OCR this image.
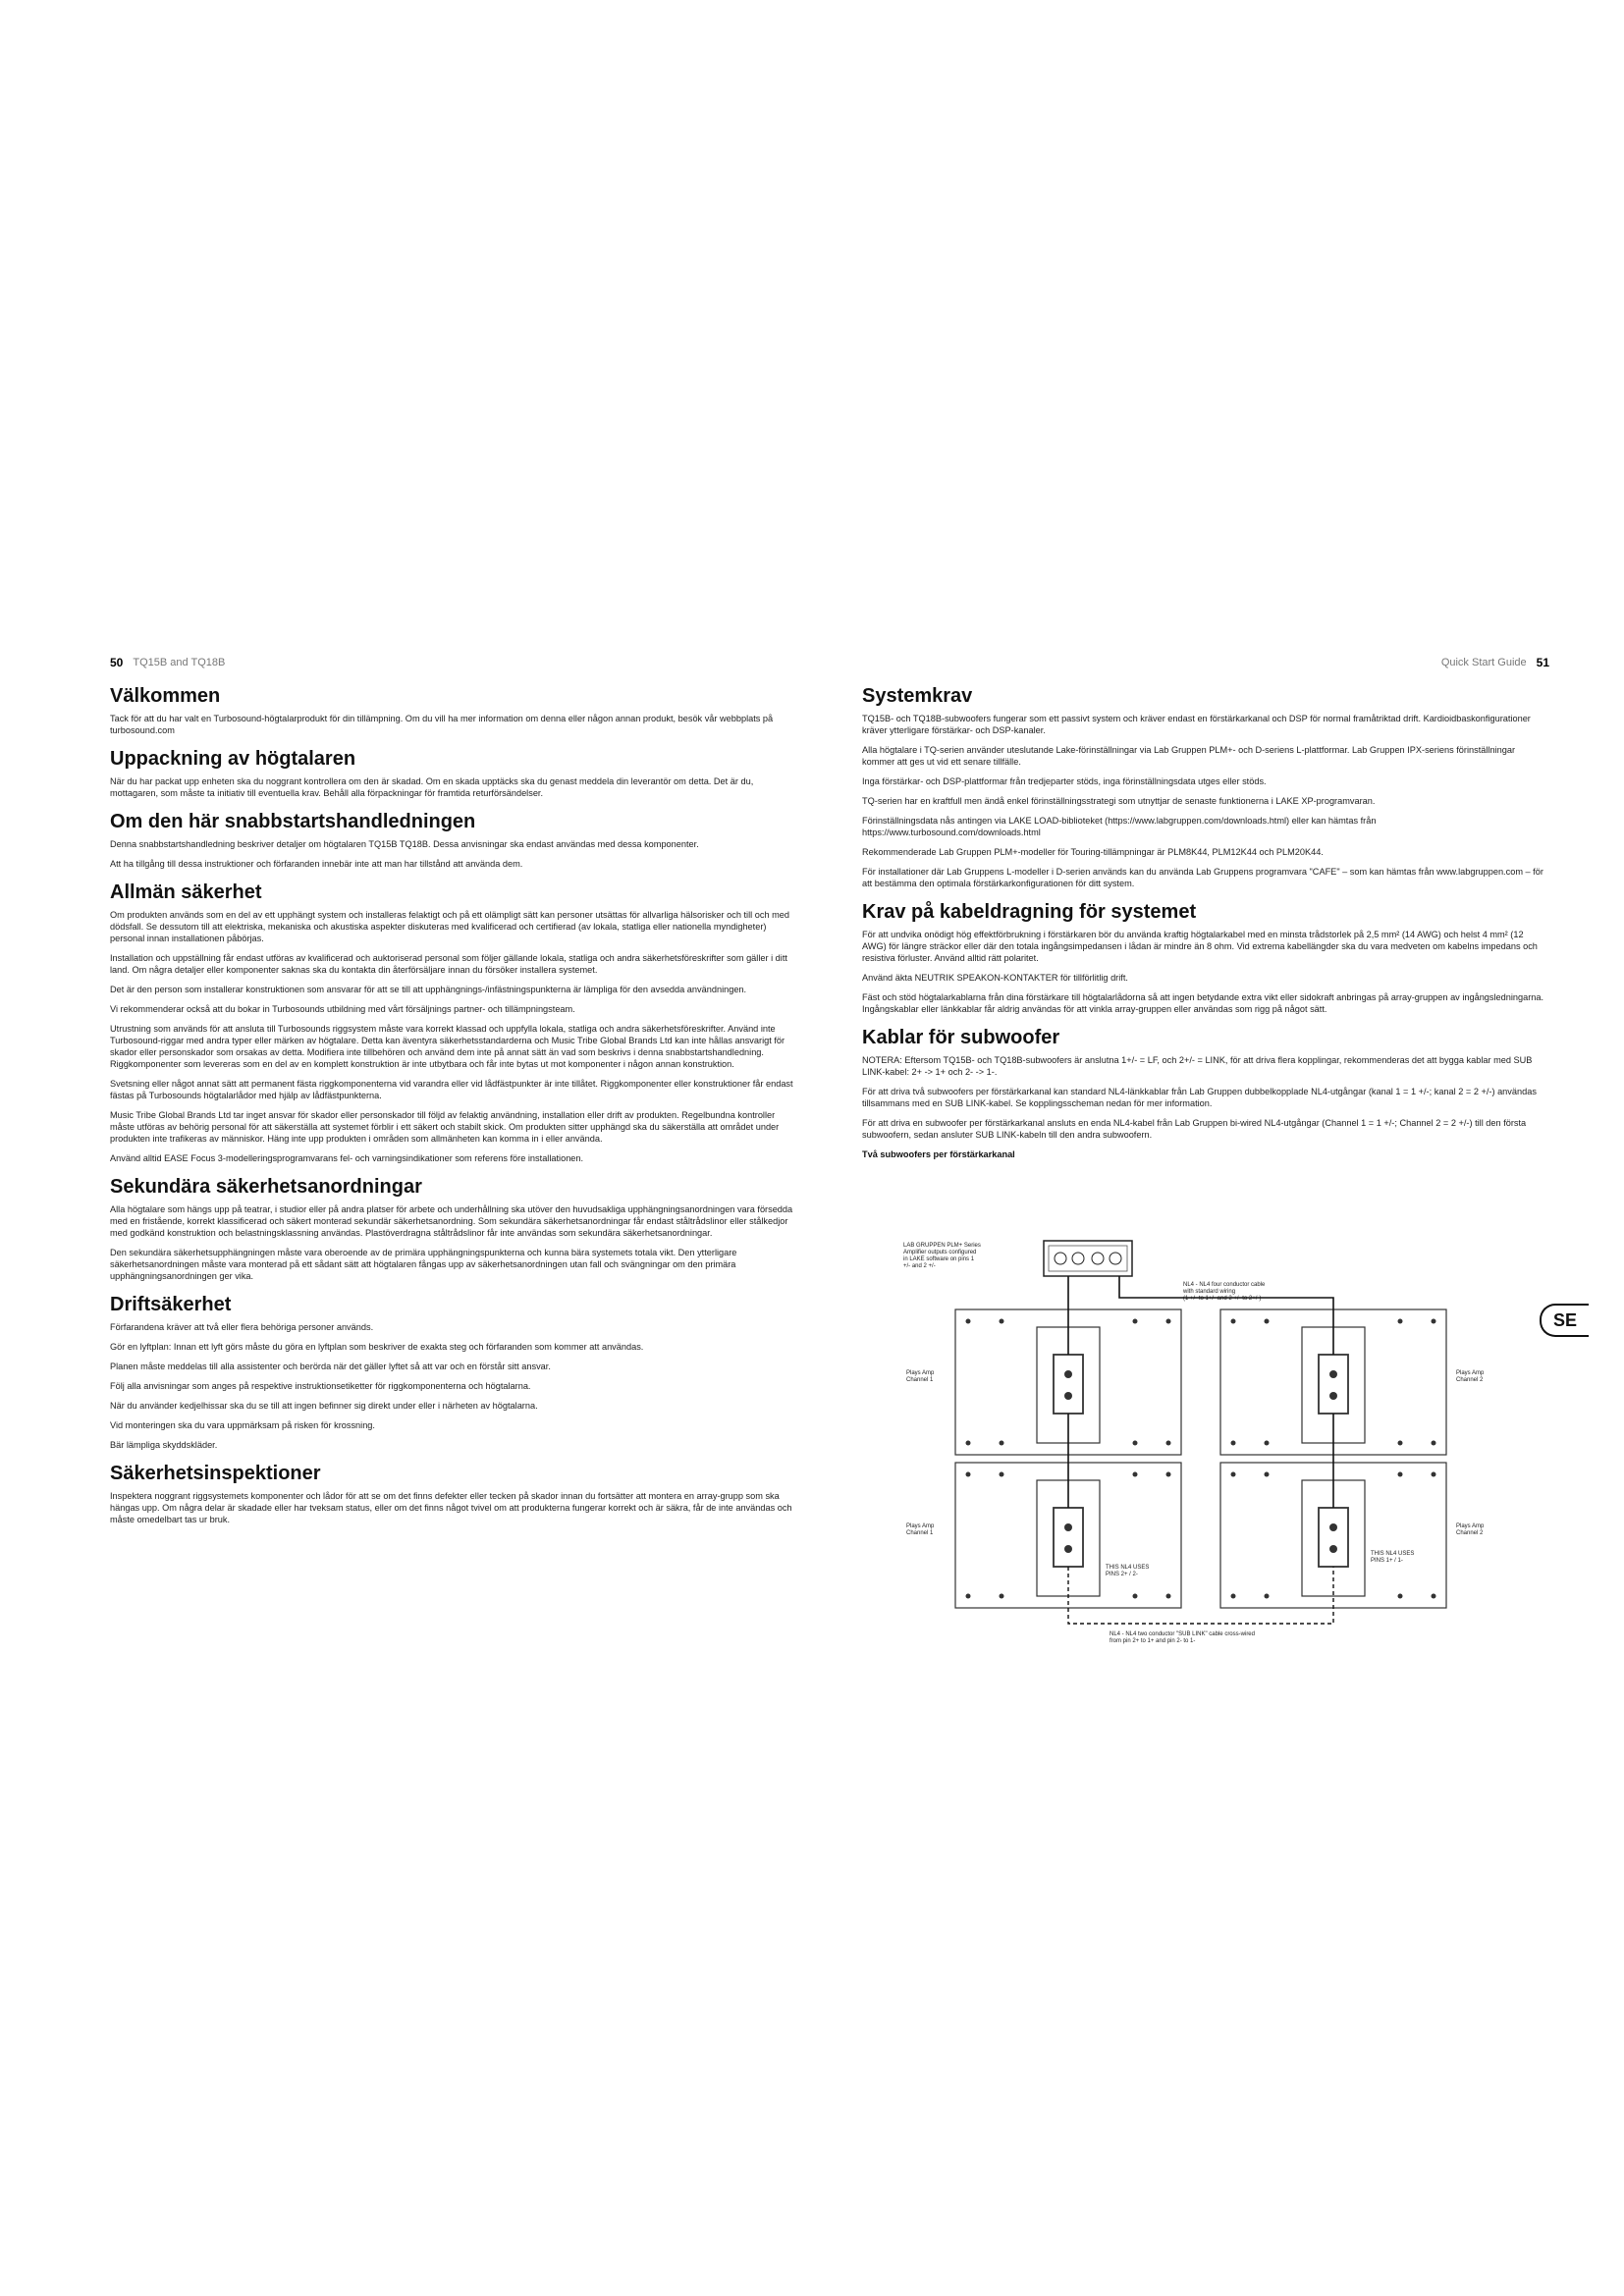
50 TQ15B and TQ18B
Välkommen

Tack för att du har valt en Turbosound-högtalarprodukt för din tillämpning. Om du vill ha mer information om denna eller någon annan produkt, besök vår webbplats på turbosound.com

Uppackning av högtalaren

När du har packat upp enheten ska du noggrant kontrollera om den är skadad. Om en skada upptäcks ska du genast meddela din leverantör om detta. Det är du, mottagaren, som måste ta initiativ till eventuella krav. Behåll alla förpackningar för framtida returförsändelser.

Om den här snabbstartshandledningen

Denna snabbstartshandledning beskriver detaljer om högtalaren TQ15B TQ18B. Dessa anvisningar ska endast användas med dessa komponenter.

Att ha tillgång till dessa instruktioner och förfaranden innebär inte att man har tillstånd att använda dem.

Allmän säkerhet

Om produkten används som en del av ett upphängt system och installeras felaktigt och på ett olämpligt sätt kan personer utsättas för allvarliga hälsorisker och till och med dödsfall. Se dessutom till att elektriska, mekaniska och akustiska aspekter diskuteras med kvalificerad och certifierad (av lokala, statliga eller nationella myndigheter) personal innan installationen påbörjas.

Installation och uppställning får endast utföras av kvalificerad och auktoriserad personal som följer gällande lokala, statliga och andra säkerhetsföreskrifter som gäller i ditt land. Om några detaljer eller komponenter saknas ska du kontakta din återförsäljare innan du försöker installera systemet.

Det är den person som installerar konstruktionen som ansvarar för att se till att upphängnings-/infästningspunkterna är lämpliga för den avsedda användningen.

Vi rekommenderar också att du bokar in Turbosounds utbildning med vårt försäljnings partner- och tillämpningsteam.

Utrustning som används för att ansluta till Turbosounds riggsystem måste vara korrekt klassad och uppfylla lokala, statliga och andra säkerhetsföreskrifter. Använd inte Turbosound-riggar med andra typer eller märken av högtalare. Detta kan äventyra säkerhetsstandarderna och Music Tribe Global Brands Ltd kan inte hållas ansvarigt för skador eller personskador som orsakas av detta. Modifiera inte tillbehören och använd dem inte på annat sätt än vad som beskrivs i denna snabbstartshandledning. Riggkomponenter som levereras som en del av en komplett konstruktion är inte utbytbara och får inte bytas ut mot komponenter i någon annan konstruktion.

Svetsning eller något annat sätt att permanent fästa riggkomponenterna vid varandra eller vid lådfästpunkter är inte tillåtet. Riggkomponenter eller konstruktioner får endast fästas på Turbosounds högtalarlådor med hjälp av lådfästpunkterna.

Music Tribe Global Brands Ltd tar inget ansvar för skador eller personskador till följd av felaktig användning, installation eller drift av produkten. Regelbundna kontroller måste utföras av behörig personal för att säkerställa att systemet förblir i ett säkert och stabilt skick. Om produkten sitter upphängd ska du säkerställa att området under produkten inte trafikeras av människor. Häng inte upp produkten i områden som allmänheten kan komma in i eller använda.

Använd alltid EASE Focus 3-modelleringsprogramvarans fel- och varningsindikationer som referens före installationen.

Sekundära säkerhetsanordningar

Alla högtalare som hängs upp på teatrar, i studior eller på andra platser för arbete och underhållning ska utöver den huvudsakliga upphängningsanordningen vara försedda med en fristående, korrekt klassificerad och säkert monterad sekundär säkerhetsanordning. Som sekundära säkerhetsanordningar får endast ståltrådslinor eller stålkedjor med godkänd konstruktion och belastningsklassning användas. Plastöverdragna ståltrådslinor får inte användas som sekundära säkerhetsanordningar.

Den sekundära säkerhetsupphängningen måste vara oberoende av de primära upphängningspunkterna och kunna bära systemets totala vikt. Den ytterligare säkerhetsanordningen måste vara monterad på ett sådant sätt att högtalaren fångas upp av säkerhetsanordningen utan fall och svängningar om den primära upphängningsanordningen ger vika.

Driftsäkerhet

Förfarandena kräver att två eller flera behöriga personer används.

Gör en lyftplan: Innan ett lyft görs måste du göra en lyftplan som beskriver de exakta steg och förfaranden som kommer att användas.

Planen måste meddelas till alla assistenter och berörda när det gäller lyftet så att var och en förstår sitt ansvar.

Följ alla anvisningar som anges på respektive instruktionsetiketter för riggkomponenterna och högtalarna.

När du använder kedjelhissar ska du se till att ingen befinner sig direkt under eller i närheten av högtalarna.

Vid monteringen ska du vara uppmärksam på risken för krossning.

Bär lämpliga skyddskläder.

Säkerhetsinspektioner

Inspektera noggrant riggsystemets komponenter och lådor för att se om det finns defekter eller tecken på skador innan du fortsätter att montera en array-grupp som ska hängas upp. Om några delar är skadade eller har tveksam status, eller om det finns något tvivel om att produkterna fungerar korrekt och är säkra, får de inte användas och måste omedelbart tas ur bruk.

Quick Start Guide 51
Systemkrav

TQ15B- och TQ18B-subwoofers fungerar som ett passivt system och kräver endast en förstärkarkanal och DSP för normal framåtriktad drift. Kardioidbaskonfigurationer kräver ytterligare förstärkar- och DSP-kanaler.

Alla högtalare i TQ-serien använder uteslutande Lake-förinställningar via Lab Gruppen PLM+- och D-seriens L-plattformar. Lab Gruppen IPX-seriens förinställningar kommer att ges ut vid ett senare tillfälle.

Inga förstärkar- och DSP-plattformar från tredjeparter stöds, inga förinställningsdata utges eller stöds.

TQ-serien har en kraftfull men ändå enkel förinställningsstrategi som utnyttjar de senaste funktionerna i LAKE XP-programvaran.

Förinställningsdata nås antingen via LAKE LOAD-biblioteket (https://www.labgruppen.com/downloads.html) eller kan hämtas från https://www.turbosound.com/downloads.html

Rekommenderade Lab Gruppen PLM+-modeller för Touring-tillämpningar är PLM8K44, PLM12K44 och PLM20K44.

För installationer där Lab Gruppens L-modeller i D-serien används kan du använda Lab Gruppens programvara "CAFE" – som kan hämtas från www.labgruppen.com – för att bestämma den optimala förstärkarkonfigurationen för ditt system.

Krav på kabeldragning för systemet

För att undvika onödigt hög effektförbrukning i förstärkaren bör du använda kraftig högtalarkabel med en minsta trådstorlek på 2,5 mm² (14 AWG) och helst 4 mm² (12 AWG) för längre sträckor eller där den totala ingångsimpedansen i lådan är mindre än 8 ohm. Vid extrema kabellängder ska du vara medveten om kabelns impedans och resistiva förluster. Använd alltid rätt polaritet.

Använd äkta NEUTRIK SPEAKON-KONTAKTER för tillförlitlig drift.

Fäst och stöd högtalarkablarna från dina förstärkare till högtalarlådorna så att ingen betydande extra vikt eller sidokraft anbringas på array-gruppen av ingångsledningarna. Ingångskablar eller länkkablar får aldrig användas för att vinkla array-gruppen eller användas som rigg på något sätt.

Kablar för subwoofer

NOTERA: Eftersom TQ15B- och TQ18B-subwoofers är anslutna 1+/- = LF, och 2+/- = LINK, för att driva flera kopplingar, rekommenderas det att bygga kablar med SUB LINK-kabel: 2+ -> 1+ och 2- -> 1-.

För att driva två subwoofers per förstärkarkanal kan standard NL4-länkkablar från Lab Gruppen dubbelkopplade NL4-utgångar (kanal 1 = 1 +/-; kanal 2 = 2 +/-) användas tillsammans med en SUB LINK-kabel. Se kopplingsscheman nedan för mer information.

För att driva en subwoofer per förstärkarkanal ansluts en enda NL4-kabel från Lab Gruppen bi-wired NL4-utgångar (Channel 1 = 1 +/-; Channel 2 = 2 +/-) till den första subwoofern, sedan ansluter SUB LINK-kabeln till den andra subwoofern.

Två subwoofers per förstärkarkanal

LAB GRUPPEN PLM+ Series
Amplifier outputs configured
in LAKE software on pins 1
+/- and 2 +/-
NL4 - NL4 four conductor cable
with standard wiring
(1 +/- to 1+/- and 2 +/- to 2+/-)
Plays Amp
Channel 1
Plays Amp
Channel 1
Plays Amp
Channel 2
Plays Amp
Channel 2
THIS NL4 USES
PINS 2+ / 2-
THIS NL4 USES
PINS 1+ / 1-
NL4 - NL4 two conductor "SUB LINK" cable cross-wired
from pin 2+ to 1+ and pin 2- to 1-
SE
